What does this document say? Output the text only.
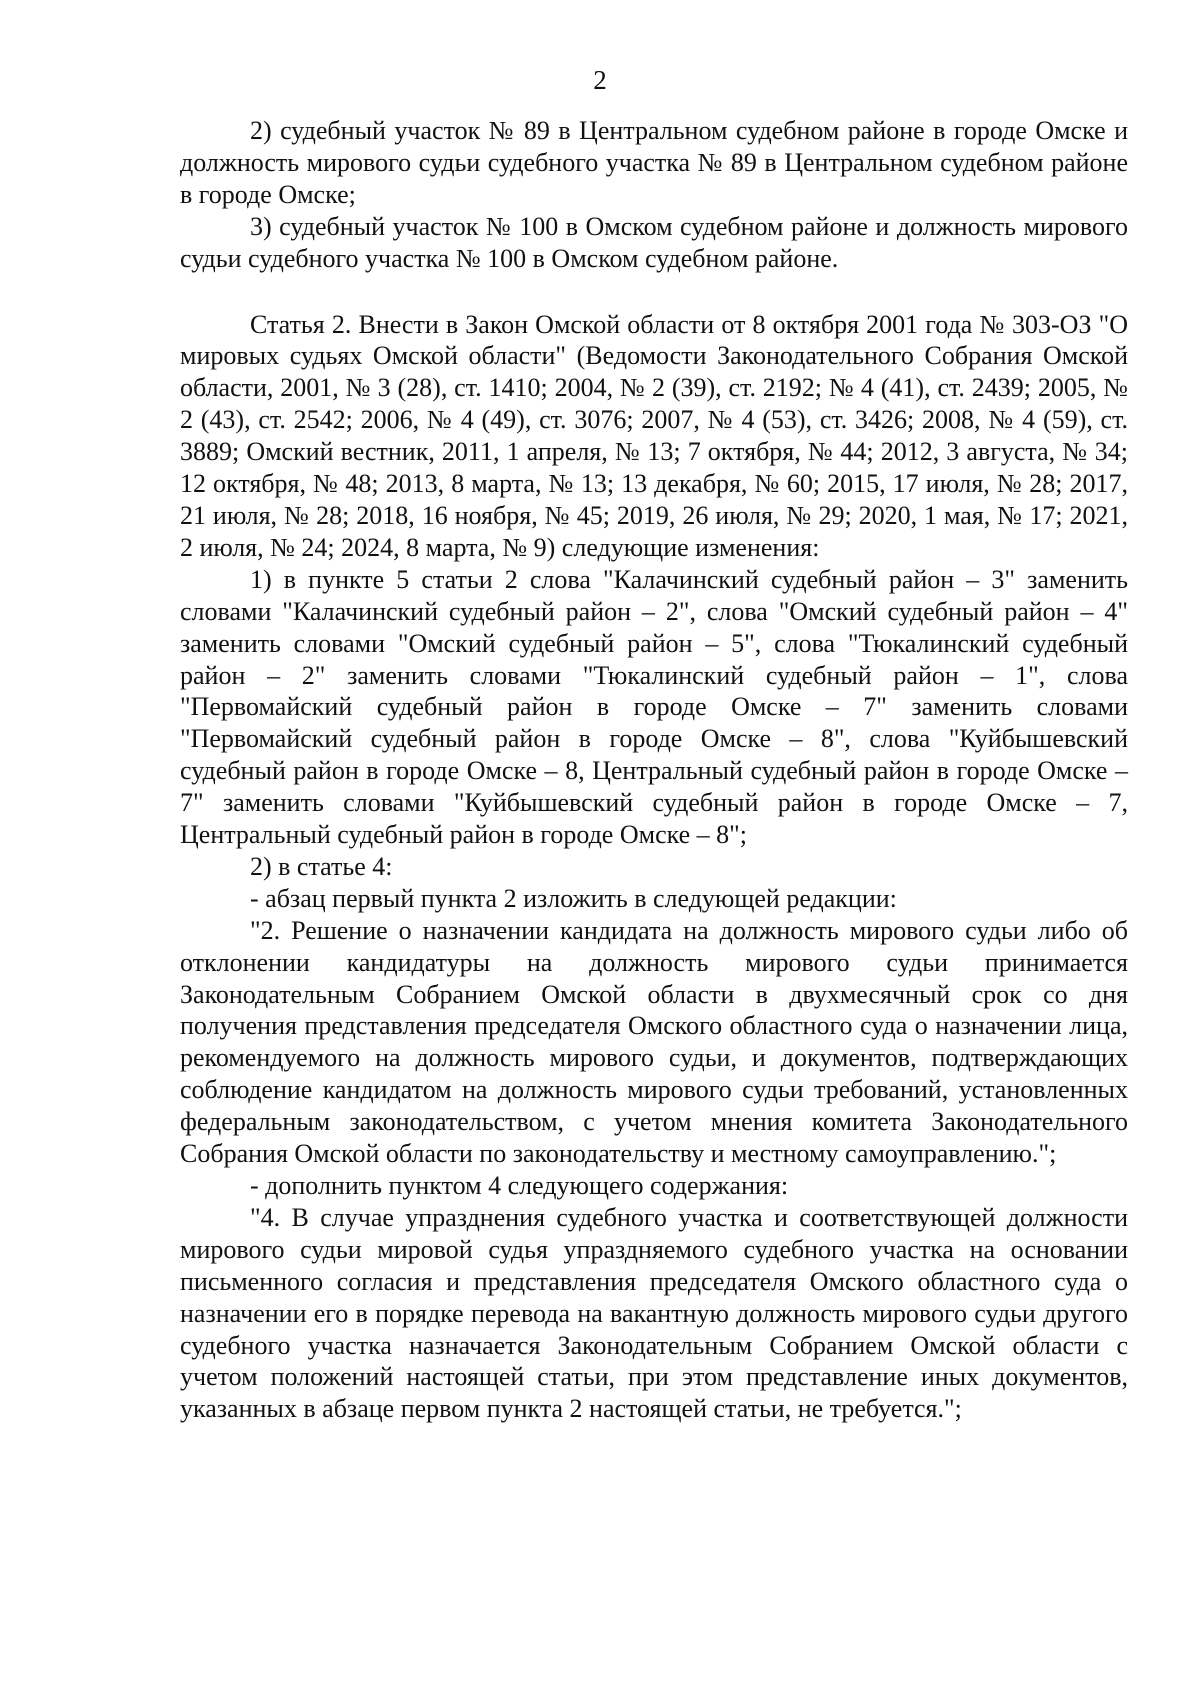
2

2) судебный участок № 89 в Центральном судебном районе в городе Омске и должность мирового судьи судебного участка № 89 в Центральном судебном районе в городе Омске;

3) судебный участок № 100 в Омском судебном районе и должность мирового судьи судебного участка № 100 в Омском судебном районе.

Статья 2. Внести в Закон Омской области от 8 октября 2001 года № 303-ОЗ "О мировых судьях Омской области" (Ведомости Законодательного Собрания Омской области, 2001, № 3 (28), ст. 1410; 2004, № 2 (39), ст. 2192; № 4 (41), ст. 2439; 2005, № 2 (43), ст. 2542; 2006, № 4 (49), ст. 3076; 2007, № 4 (53), ст. 3426; 2008, № 4 (59), ст. 3889; Омский вестник, 2011, 1 апреля, № 13; 7 октября, № 44; 2012, 3 августа, № 34; 12 октября, № 48; 2013, 8 марта, № 13; 13 декабря, № 60; 2015, 17 июля, № 28; 2017, 21 июля, № 28; 2018, 16 ноября, № 45; 2019, 26 июля, № 29; 2020, 1 мая, № 17; 2021, 2 июля, № 24; 2024, 8 марта, № 9) следующие изменения:

1) в пункте 5 статьи 2 слова "Калачинский судебный район – 3" заменить словами "Калачинский судебный район – 2", слова "Омский судебный район – 4" заменить словами "Омский судебный район – 5", слова "Тюкалинский судебный район – 2" заменить словами "Тюкалинский судебный район – 1", слова "Первомайский судебный район в городе Омске – 7" заменить словами "Первомайский судебный район в городе Омске – 8", слова "Куйбышевский судебный район в городе Омске – 8, Центральный судебный район в городе Омске – 7" заменить словами "Куйбышевский судебный район в городе Омске – 7, Центральный судебный район в городе Омске – 8";

2) в статье 4:

- абзац первый пункта 2 изложить в следующей редакции:

"2. Решение о назначении кандидата на должность мирового судьи либо об отклонении кандидатуры на должность мирового судьи принимается Законодательным Собранием Омской области в двухмесячный срок со дня получения представления председателя Омского областного суда о назначении лица, рекомендуемого на должность мирового судьи, и документов, подтверждающих соблюдение кандидатом на должность мирового судьи требований, установленных федеральным законодательством, с учетом мнения комитета Законодательного Собрания Омской области по законодательству и местному самоуправлению.";

- дополнить пунктом 4 следующего содержания:

"4. В случае упразднения судебного участка и соответствующей должности мирового судьи мировой судья упраздняемого судебного участка на основании письменного согласия и представления председателя Омского областного суда о назначении его в порядке перевода на вакантную должность мирового судьи другого судебного участка назначается Законодательным Собранием Омской области с учетом положений настоящей статьи, при этом представление иных документов, указанных в абзаце первом пункта 2 настоящей статьи, не требуется.";
